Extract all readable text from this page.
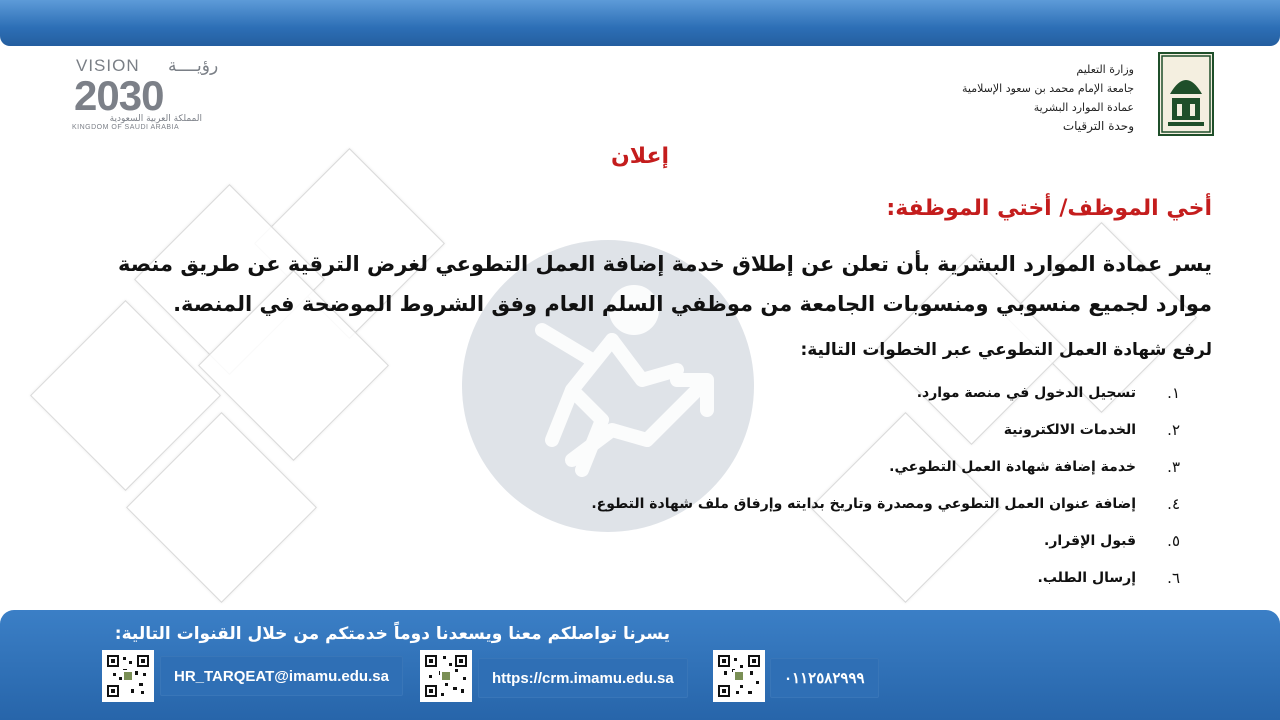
VISION رؤيــــة
2030
المملكة العربية السعودية
KINGDOM OF SAUDI ARABIA
وزارة التعليم
جامعة الإمام محمد بن سعود الإسلامية
عمادة الموارد البشرية
وحدة الترقيات
إعلان
أخي الموظف/ أختي الموظفة:
يسر عمادة الموارد البشرية بأن تعلن عن إطلاق خدمة إضافة العمل التطوعي لغرض الترقية عن طريق منصة موارد لجميع منسوبي ومنسوبات الجامعة من موظفي السلم العام وفق الشروط الموضحة في المنصة.
لرفع شهادة العمل التطوعي عبر الخطوات التالية:
١.
تسجيل الدخول في منصة موارد.
٢.
الخدمات الالكترونية
٣.
خدمة إضافة شهادة العمل التطوعي.
٤.
إضافة عنوان العمل التطوعي ومصدرة وتاريخ بدايته وإرفاق ملف شهادة التطوع.
٥.
قبول الإقرار.
٦.
إرسال الطلب.
يسرنا تواصلكم معنا ويسعدنا دوماً خدمتكم من خلال القنوات التالية:
HR_TARQEAT@imamu.edu.sa	https://crm.imamu.edu.sa	٠١١٢٥٨٢٩٩٩
